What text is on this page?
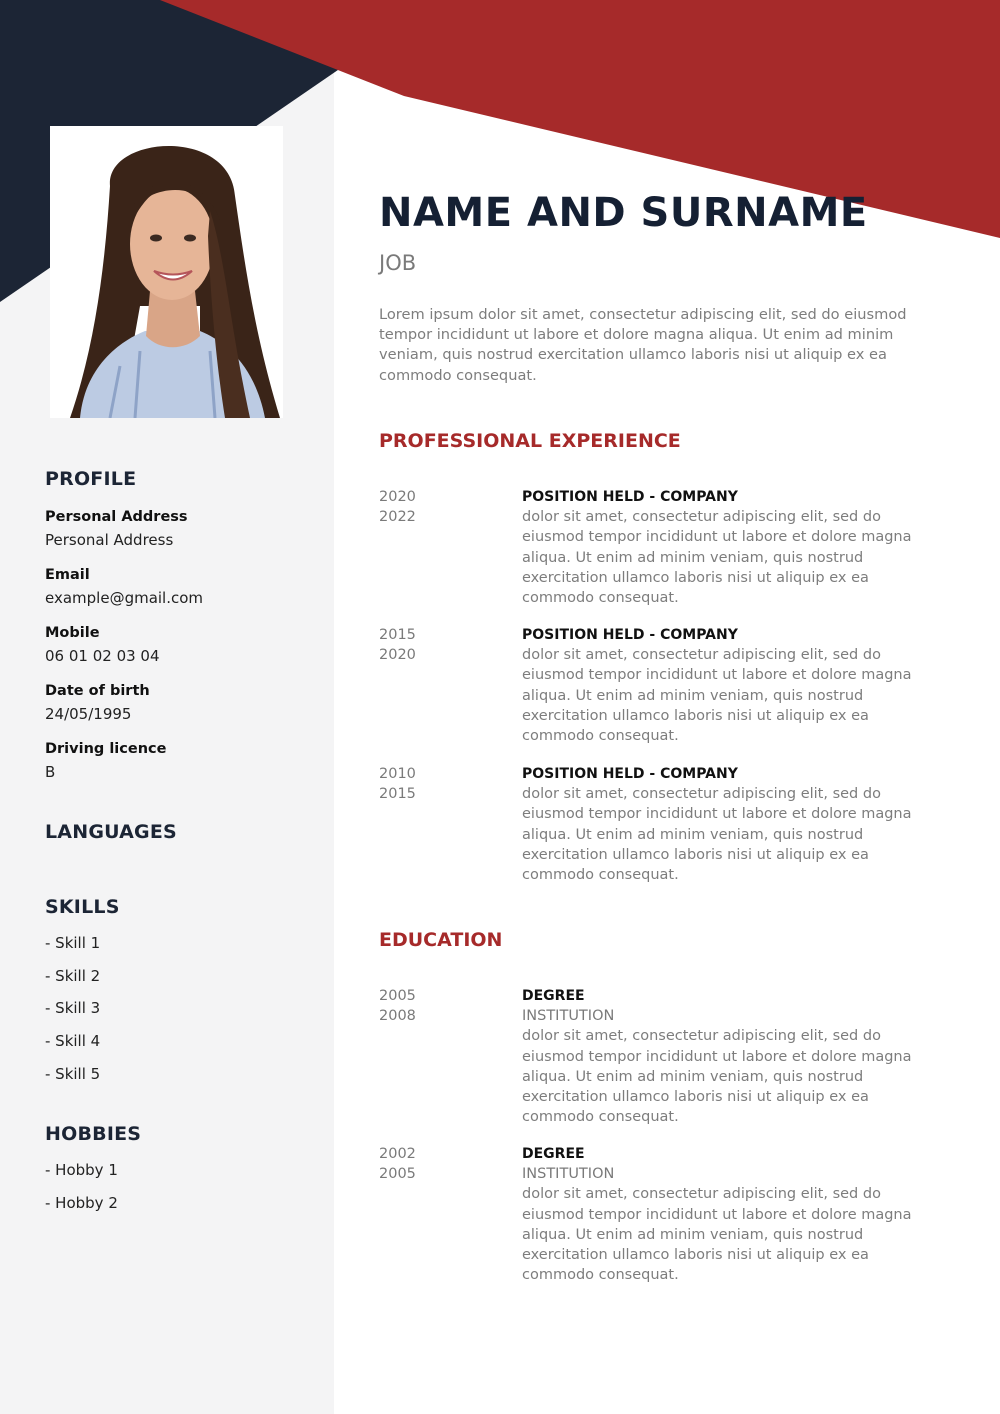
PROFILE
Personal Address
Personal Address
Email
example@gmail.com
Mobile
06 01 02 03 04
Date of birth
24/05/1995
Driving licence
B
LANGUAGES
SKILLS
- Skill 1
- Skill 2
- Skill 3
- Skill 4
- Skill 5
HOBBIES
- Hobby 1
- Hobby 2
NAME AND SURNAME
JOB
Lorem ipsum dolor sit amet, consectetur adipiscing elit, sed do eiusmod tempor incididunt ut labore et dolore magna aliqua. Ut enim ad minim veniam, quis nostrud exercitation ullamco laboris nisi ut aliquip ex ea commodo consequat.
PROFESSIONAL EXPERIENCE
2020
2022
POSITION HELD - COMPANY
dolor sit amet, consectetur adipiscing elit, sed do eiusmod tempor incididunt ut labore et dolore magna aliqua. Ut enim ad minim veniam, quis nostrud exercitation ullamco laboris nisi ut aliquip ex ea commodo consequat.
2015
2020
POSITION HELD - COMPANY
dolor sit amet, consectetur adipiscing elit, sed do eiusmod tempor incididunt ut labore et dolore magna aliqua. Ut enim ad minim veniam, quis nostrud exercitation ullamco laboris nisi ut aliquip ex ea commodo consequat.
2010
2015
POSITION HELD - COMPANY
dolor sit amet, consectetur adipiscing elit, sed do eiusmod tempor incididunt ut labore et dolore magna aliqua. Ut enim ad minim veniam, quis nostrud exercitation ullamco laboris nisi ut aliquip ex ea commodo consequat.
EDUCATION
2005
2008
DEGREE
INSTITUTION
dolor sit amet, consectetur adipiscing elit, sed do eiusmod tempor incididunt ut labore et dolore magna aliqua. Ut enim ad minim veniam, quis nostrud exercitation ullamco laboris nisi ut aliquip ex ea commodo consequat.
2002
2005
DEGREE
INSTITUTION
dolor sit amet, consectetur adipiscing elit, sed do eiusmod tempor incididunt ut labore et dolore magna aliqua. Ut enim ad minim veniam, quis nostrud exercitation ullamco laboris nisi ut aliquip ex ea commodo consequat.
